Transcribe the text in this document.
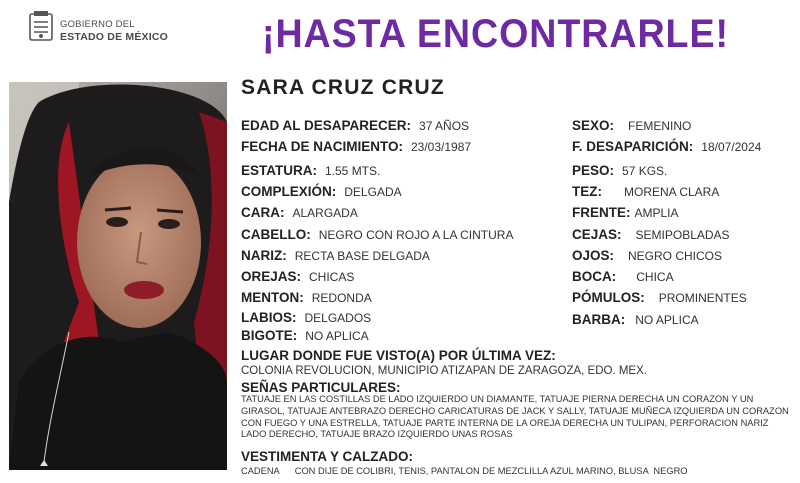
GOBIERNO DEL
ESTADO DE MÉXICO ¡HASTA ENCONTRARLE!
SARA CRUZ CRUZ
EDAD AL DESAPARECER: 37 AÑOS
FECHA DE NACIMIENTO: 23/03/1987
ESTATURA: 1.55 MTS.
COMPLEXIÓN: DELGADA
CARA: ALARGADA
CABELLO: NEGRO CON ROJO A LA CINTURA
NARIZ: RECTA BASE DELGADA
OREJAS: CHICAS
MENTON: REDONDA
LABIOS: DELGADOS
BIGOTE: NO APLICA
SEXO: FEMENINO
F. DESAPARICIÓN: 18/07/2024
PESO: 57 KGS.
TEZ: MORENA CLARA
FRENTE: AMPLIA
CEJAS: SEMIPOBLADAS
OJOS: NEGRO CHICOS
BOCA: CHICA
PÓMULOS: PROMINENTES
BARBA: NO APLICA
LUGAR DONDE FUE VISTO(A) POR ÚLTIMA VEZ:
COLONIA REVOLUCION, MUNICIPIO ATIZAPAN DE ZARAGOZA, EDO. MEX.
SEÑAS PARTICULARES:
TATUAJE EN LAS COSTILLAS DE LADO IZQUIERDO UN DIAMANTE, TATUAJE PIERNA DERECHA UN CORAZON Y UN GIRASOL, TATUAJE ANTEBRAZO DERECHO CARICATURAS DE JACK Y SALLY, TATUAJE MUÑECA IZQUIERDA UN CORAZON CON FUEGO Y UNA ESTRELLA, TATUAJE PARTE INTERNA DE LA OREJA DERECHA UN TULIPAN, PERFORACION NARIZ LADO DERECHO, TATUAJE BRAZO IZQUIERDO UNAS ROSAS
VESTIMENTA Y CALZADO:
CADENA      CON DIJE DE COLIBRI, TENIS, PANTALON DE MEZCLILLA AZUL MARINO, BLUSA  NEGRO
